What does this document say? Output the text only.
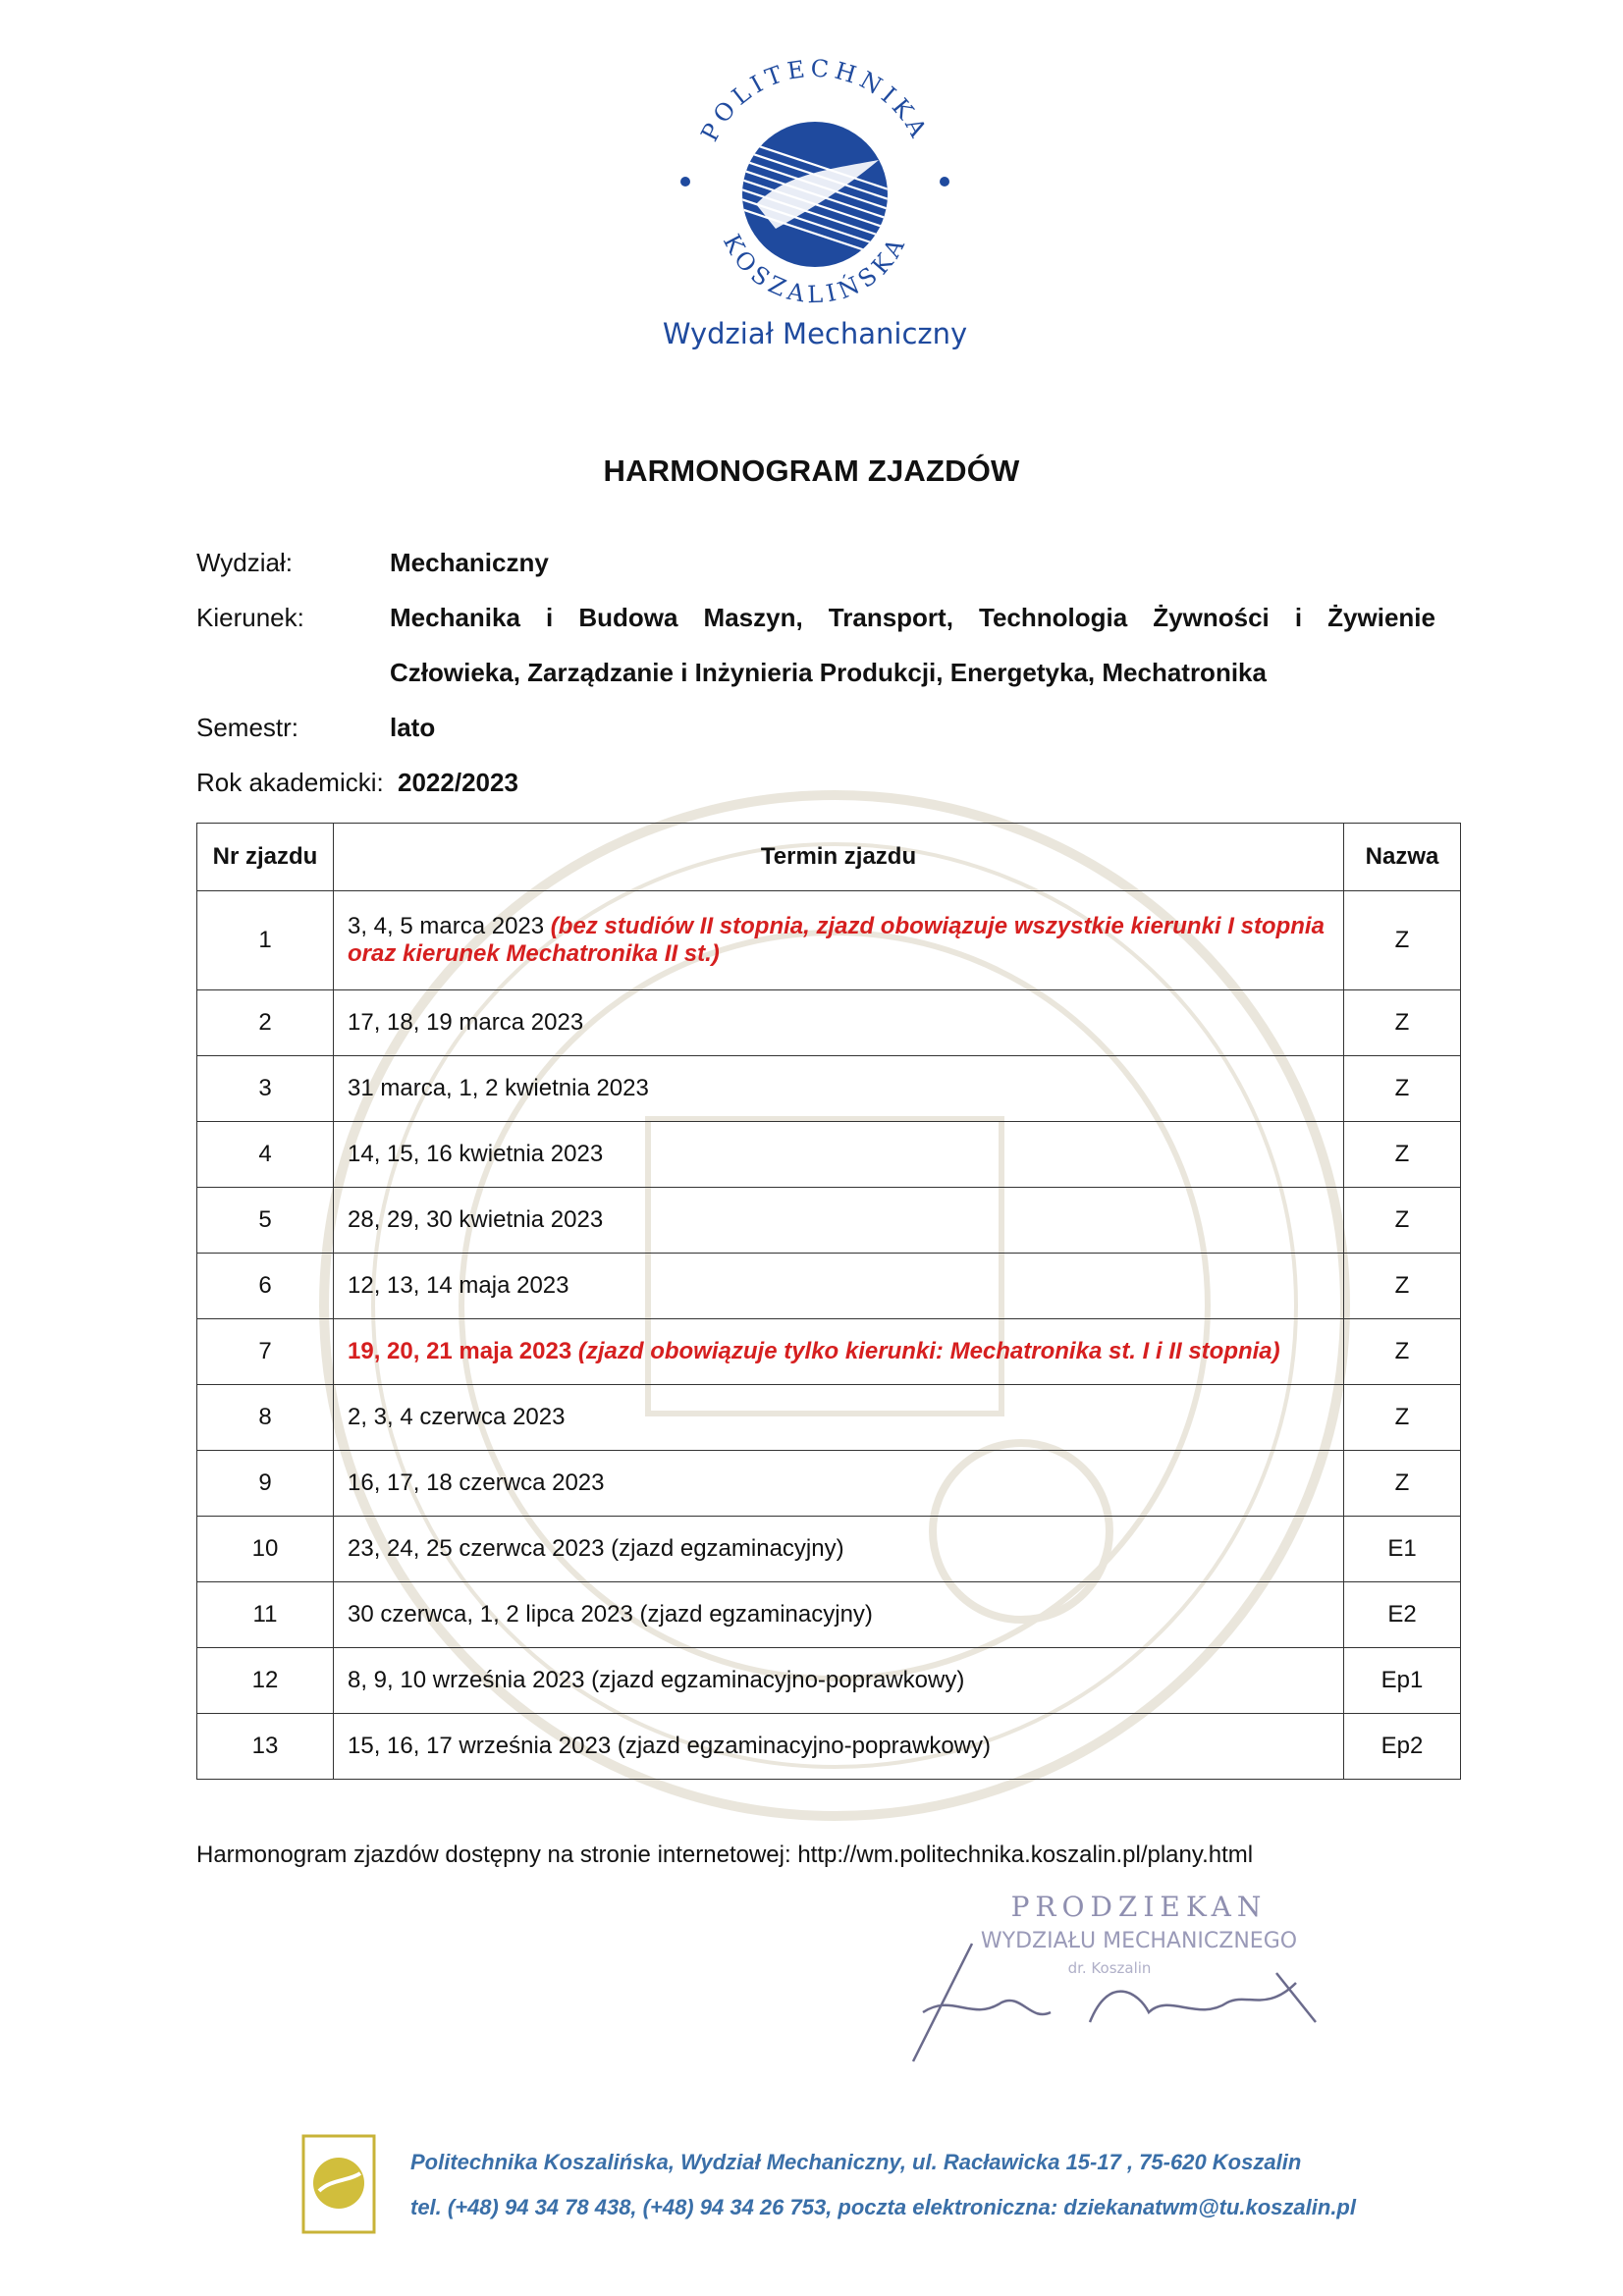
POLITECHNIKA
KOSZALIŃSKA
Wydział Mechaniczny
HARMONOGRAM ZJAZDÓW
Wydział:	Mechaniczny
Kierunek:	Mechanika i Budowa Maszyn, Transport, Technologia Żywności i Żywienie
Człowieka, Zarządzanie i Inżynieria Produkcji, Energetyka, Mechatronika
Semestr:	lato
Rok akademicki: 2022/2023
Nr zjazdu	Termin zjazdu	Nazwa
1	3, 4, 5 marca 2023 (bez studiów II stopnia, zjazd obowiązuje wszystkie kierunki I stopnia oraz kierunek Mechatronika II st.)	Z
2	17, 18, 19 marca 2023	Z
3	31 marca, 1, 2 kwietnia 2023	Z
4	14, 15, 16 kwietnia 2023	Z
5	28, 29, 30 kwietnia 2023	Z
6	12, 13, 14 maja 2023	Z
7	19, 20, 21 maja 2023 (zjazd obowiązuje tylko kierunki: Mechatronika st. I i II stopnia)	Z
8	2, 3, 4 czerwca 2023	Z
9	16, 17, 18 czerwca 2023	Z
10	23, 24, 25 czerwca 2023 (zjazd egzaminacyjny)	E1
11	30 czerwca, 1, 2 lipca 2023 (zjazd egzaminacyjny)	E2
12	8, 9, 10 września 2023 (zjazd egzaminacyjno-poprawkowy)	Ep1
13	15, 16, 17 września 2023 (zjazd egzaminacyjno-poprawkowy)	Ep2
Harmonogram zjazdów dostępny na stronie internetowej: http://wm.politechnika.koszalin.pl/plany.html
PRODZIEKAN
WYDZIAŁU MECHANICZNEGO
dr. Koszalin
Politechnika Koszalińska, Wydział Mechaniczny, ul. Racławicka 15-17 , 75-620 Koszalin
tel. (+48) 94 34 78 438, (+48) 94 34 26 753, poczta elektroniczna: dziekanatwm@tu.koszalin.pl
